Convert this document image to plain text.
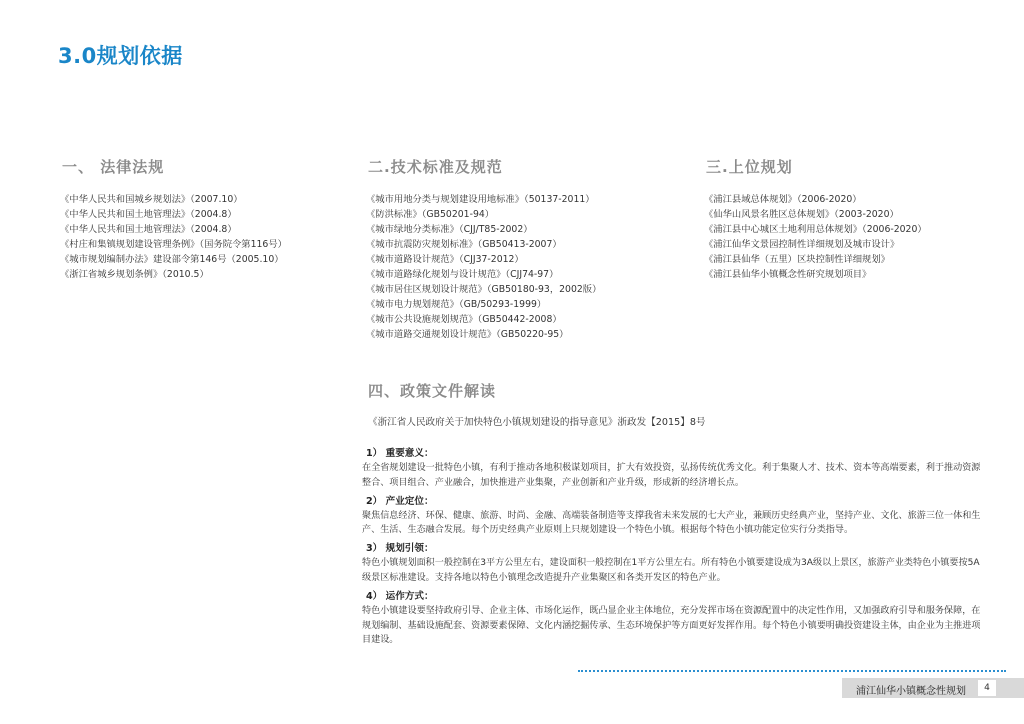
3.0规划依据
一、 法律法规
《中华人民共和国城乡规划法》（2007.10）
《中华人民共和国土地管理法》（2004.8）
《中华人民共和国土地管理法》（2004.8）
《村庄和集镇规划建设管理条例》（国务院令第116号）
《城市规划编制办法》建设部令第146号（2005.10）
《浙江省城乡规划条例》（2010.5）
二.技术标准及规范
《城市用地分类与规划建设用地标准》（50137-2011）
《防洪标准》（GB50201-94）
《城市绿地分类标准》（CJJ/T85-2002）
《城市抗震防灾规划标准》（GB50413-2007）
《城市道路设计规范》（CJJ37-2012）
《城市道路绿化规划与设计规范》（CJJ74-97）
《城市居住区规划设计规范》（GB50180-93，2002版）
《城市电力规划规范》（GB/50293-1999）
《城市公共设施规划规范》（GB50442-2008）
《城市道路交通规划设计规范》（GB50220-95）
三.上位规划
《浦江县域总体规划》（2006-2020）
《仙华山风景名胜区总体规划》（2003-2020）
《浦江县中心城区土地利用总体规划》（2006-2020）
《浦江仙华文景园控制性详细规划及城市设计》
《浦江县仙华（五里）区块控制性详细规划》
《浦江县仙华小镇概念性研究规划项目》
四、政策文件解读
《浙江省人民政府关于加快特色小镇规划建设的指导意见》浙政发【2015】8号
1） 重要意义：
在全省规划建设一批特色小镇，有利于推动各地积极谋划项目，扩大有效投资，弘扬传统优秀文化。利于集聚人才、技术、资本等高端要素，利于推动资源整合、项目组合、产业融合，加快推进产业集聚，产业创新和产业升级，形成新的经济增长点。
2） 产业定位：
聚焦信息经济、环保、健康、旅游、时尚、金融、高端装备制造等支撑我省未来发展的七大产业，兼顾历史经典产业，坚持产业、文化、旅游三位一体和生产、生活、生态融合发展。每个历史经典产业原则上只规划建设一个特色小镇。根据每个特色小镇功能定位实行分类指导。
3） 规划引领：
特色小镇规划面积一般控制在3平方公里左右，建设面积一般控制在1平方公里左右。所有特色小镇要建设成为3A级以上景区，旅游产业类特色小镇要按5A级景区标准建设。支持各地以特色小镇理念改造提升产业集聚区和各类开发区的特色产业。
4） 运作方式：
特色小镇建设要坚持政府引导、企业主体、市场化运作，既凸显企业主体地位，充分发挥市场在资源配置中的决定性作用，又加强政府引导和服务保障，在规划编制、基础设施配套、资源要素保障、文化内涵挖掘传承、生态环境保护等方面更好发挥作用。每个特色小镇要明确投资建设主体，由企业为主推进项目建设。
浦江仙华小镇概念性规划	4
